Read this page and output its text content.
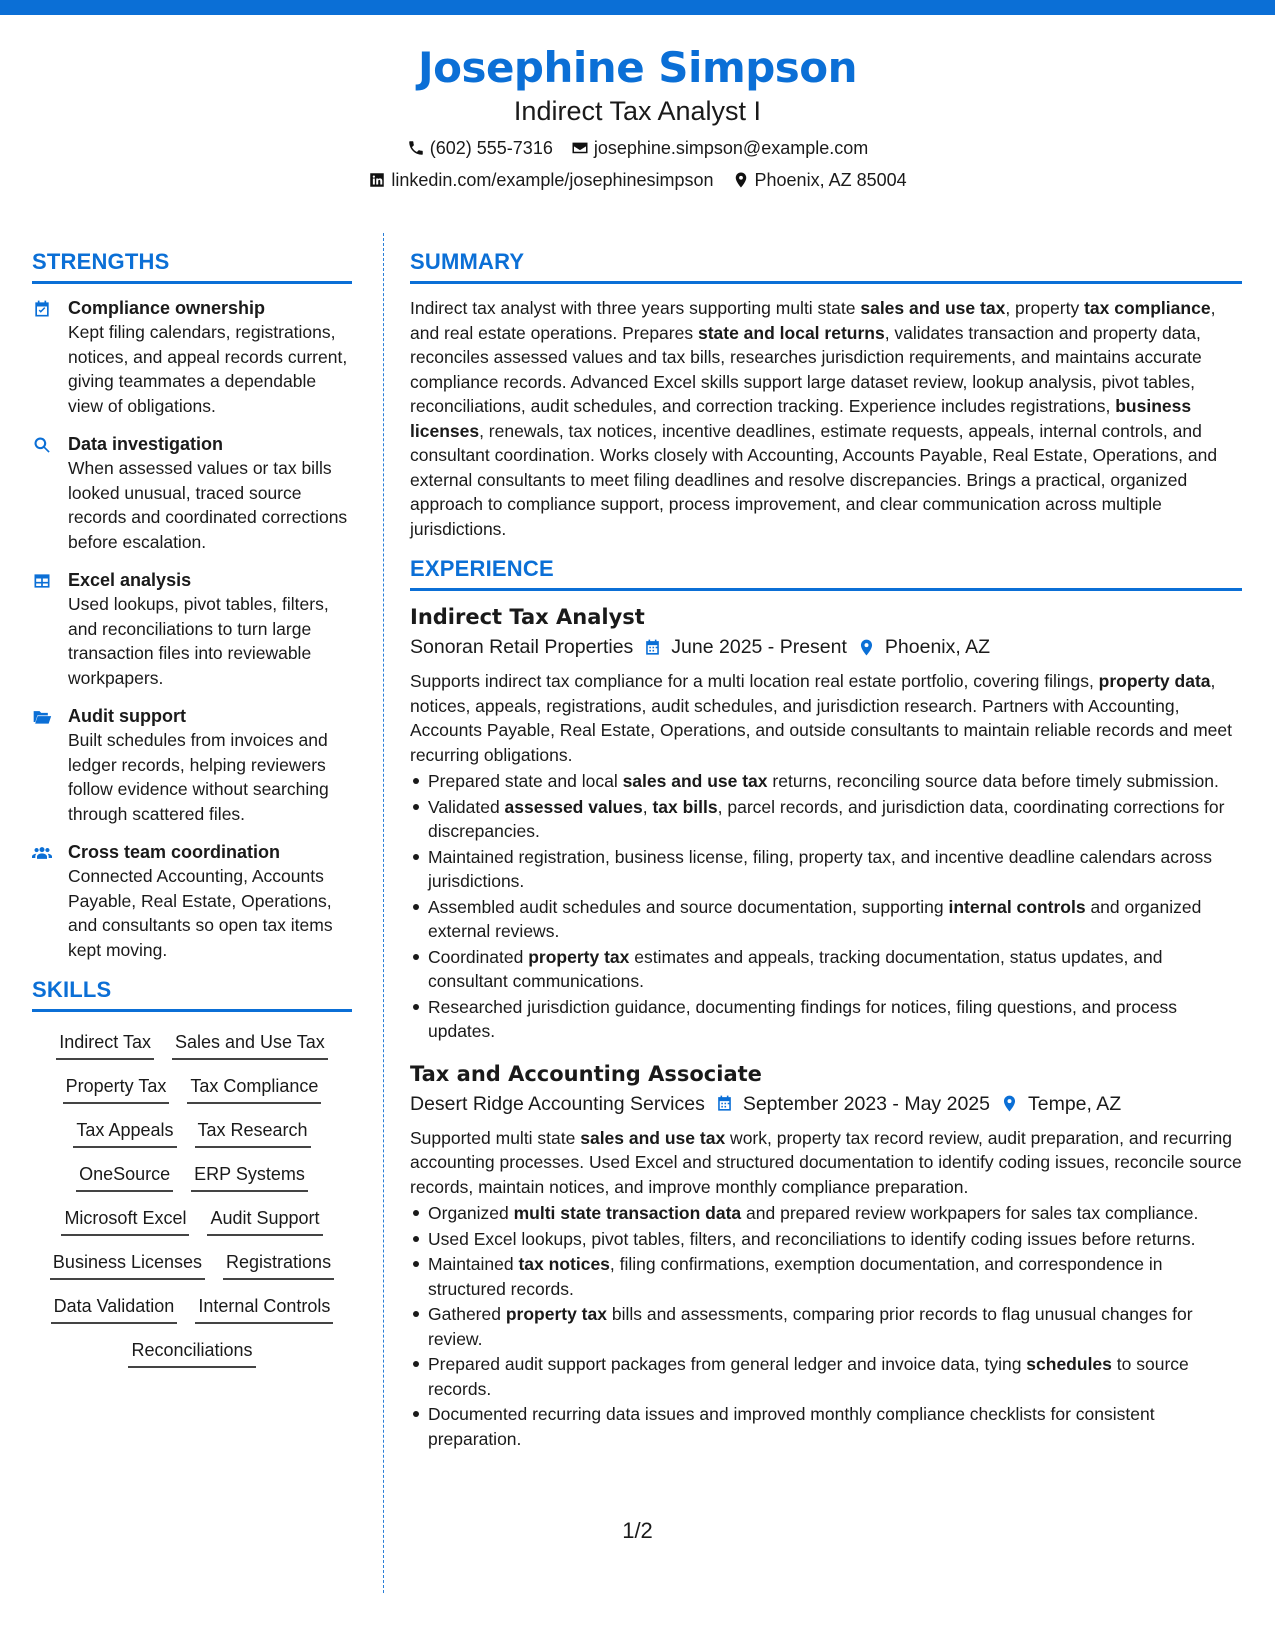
Josephine Simpson
Indirect Tax Analyst I
(602) 555-7316 josephine.simpson@example.com
linkedin.com/example/josephinesimpson Phoenix, AZ 85004
STRENGTHS
Compliance ownership
Kept filing calendars, registrations, notices, and appeal records current, giving teammates a dependable view of obligations.
Data investigation
When assessed values or tax bills looked unusual, traced source records and coordinated corrections before escalation.
Excel analysis
Used lookups, pivot tables, filters, and reconciliations to turn large transaction files into reviewable workpapers.
Audit support
Built schedules from invoices and ledger records, helping reviewers follow evidence without searching through scattered files.
Cross team coordination
Connected Accounting, Accounts Payable, Real Estate, Operations, and consultants so open tax items kept moving.
SKILLS
Indirect Tax Sales and Use Tax
Property Tax Tax Compliance
Tax Appeals Tax Research
OneSource ERP Systems
Microsoft Excel Audit Support
Business Licenses Registrations
Data Validation Internal Controls
Reconciliations
SUMMARY

Indirect tax analyst with three years supporting multi state sales and use tax, property tax compliance, and real estate operations. Prepares state and local returns, validates transaction and property data, reconciles assessed values and tax bills, researches jurisdiction requirements, and maintains accurate compliance records. Advanced Excel skills support large dataset review, lookup analysis, pivot tables, reconciliations, audit schedules, and correction tracking. Experience includes registrations, business licenses, renewals, tax notices, incentive deadlines, estimate requests, appeals, internal controls, and consultant coordination. Works closely with Accounting, Accounts Payable, Real Estate, Operations, and external consultants to meet filing deadlines and resolve discrepancies. Brings a practical, organized approach to compliance support, process improvement, and clear communication across multiple jurisdictions.

EXPERIENCE
Indirect Tax Analyst
Sonoran Retail Properties June 2025 - Present Phoenix, AZ

Supports indirect tax compliance for a multi location real estate portfolio, covering filings, property data, notices, appeals, registrations, audit schedules, and jurisdiction research. Partners with Accounting, Accounts Payable, Real Estate, Operations, and outside consultants to maintain reliable records and meet recurring obligations.

Prepared state and local sales and use tax returns, reconciling source data before timely submission.
Validated assessed values, tax bills, parcel records, and jurisdiction data, coordinating corrections for discrepancies.
Maintained registration, business license, filing, property tax, and incentive deadline calendars across jurisdictions.
Assembled audit schedules and source documentation, supporting internal controls and organized external reviews.
Coordinated property tax estimates and appeals, tracking documentation, status updates, and consultant communications.
Researched jurisdiction guidance, documenting findings for notices, filing questions, and process updates.
Tax and Accounting Associate
Desert Ridge Accounting Services September 2023 - May 2025 Tempe, AZ

Supported multi state sales and use tax work, property tax record review, audit preparation, and recurring accounting processes. Used Excel and structured documentation to identify coding issues, reconcile source records, maintain notices, and improve monthly compliance preparation.

Organized multi state transaction data and prepared review workpapers for sales tax compliance.
Used Excel lookups, pivot tables, filters, and reconciliations to identify coding issues before returns.
Maintained tax notices, filing confirmations, exemption documentation, and correspondence in structured records.
Gathered property tax bills and assessments, comparing prior records to flag unusual changes for review.
Prepared audit support packages from general ledger and invoice data, tying schedules to source records.
Documented recurring data issues and improved monthly compliance checklists for consistent preparation.
1/2
